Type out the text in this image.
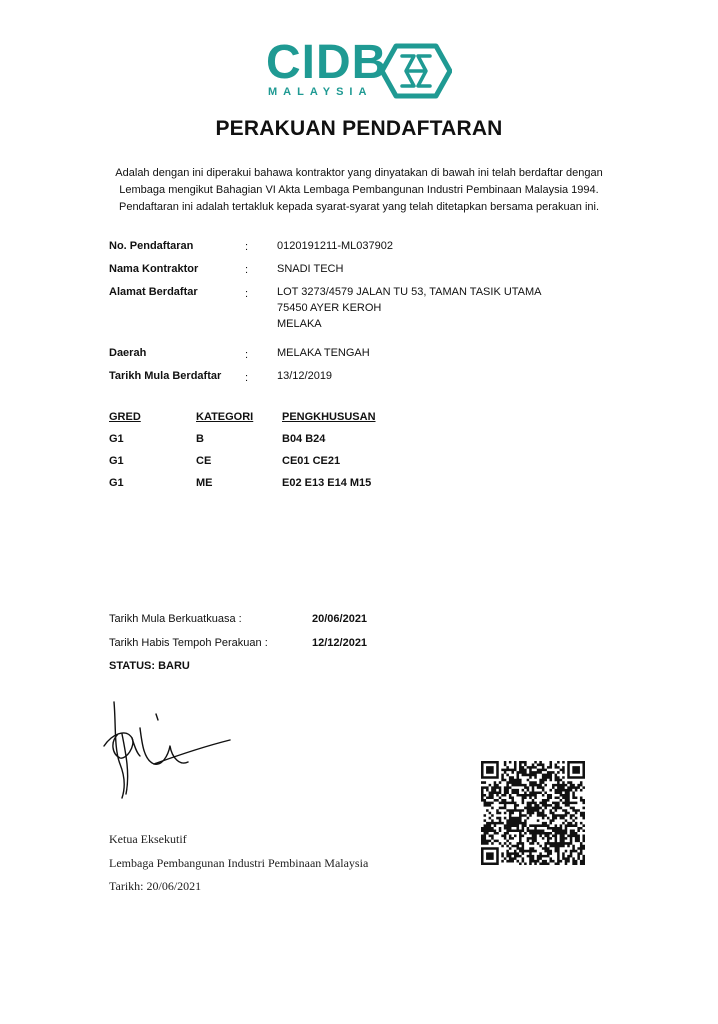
CIDB
MALAYSIA
PERAKUAN PENDAFTARAN
Adalah dengan ini diperakui bahawa kontraktor yang dinyatakan di bawah ini telah berdaftar dengan
Lembaga mengikut Bahagian VI Akta Lembaga Pembangunan Industri Pembinaan Malaysia 1994.
Pendaftaran ini adalah tertakluk kepada syarat-syarat yang telah ditetapkan bersama perakuan ini.
No. Pendaftaran	:	0120191211-ML037902
Nama Kontraktor	:	SNADI TECH
Alamat Berdaftar	:	LOT 3273/4579 JALAN TU 53, TAMAN TASIK UTAMA
75450 AYER KEROH
MELAKA
Daerah	:	MELAKA TENGAH
Tarikh Mula Berdaftar :	13/12/2019
GRED	KATEGORI	PENGKHUSUSAN
G1	B	B04 B24
G1	CE	CE01 CE21
G1	ME	E02 E13 E14 M15
Tarikh Mula Berkuatkuasa :	20/06/2021
Tarikh Habis Tempoh Perakuan :	12/12/2021
STATUS: BARU
Ketua Eksekutif
Lembaga Pembangunan Industri Pembinaan Malaysia
Tarikh: 20/06/2021
